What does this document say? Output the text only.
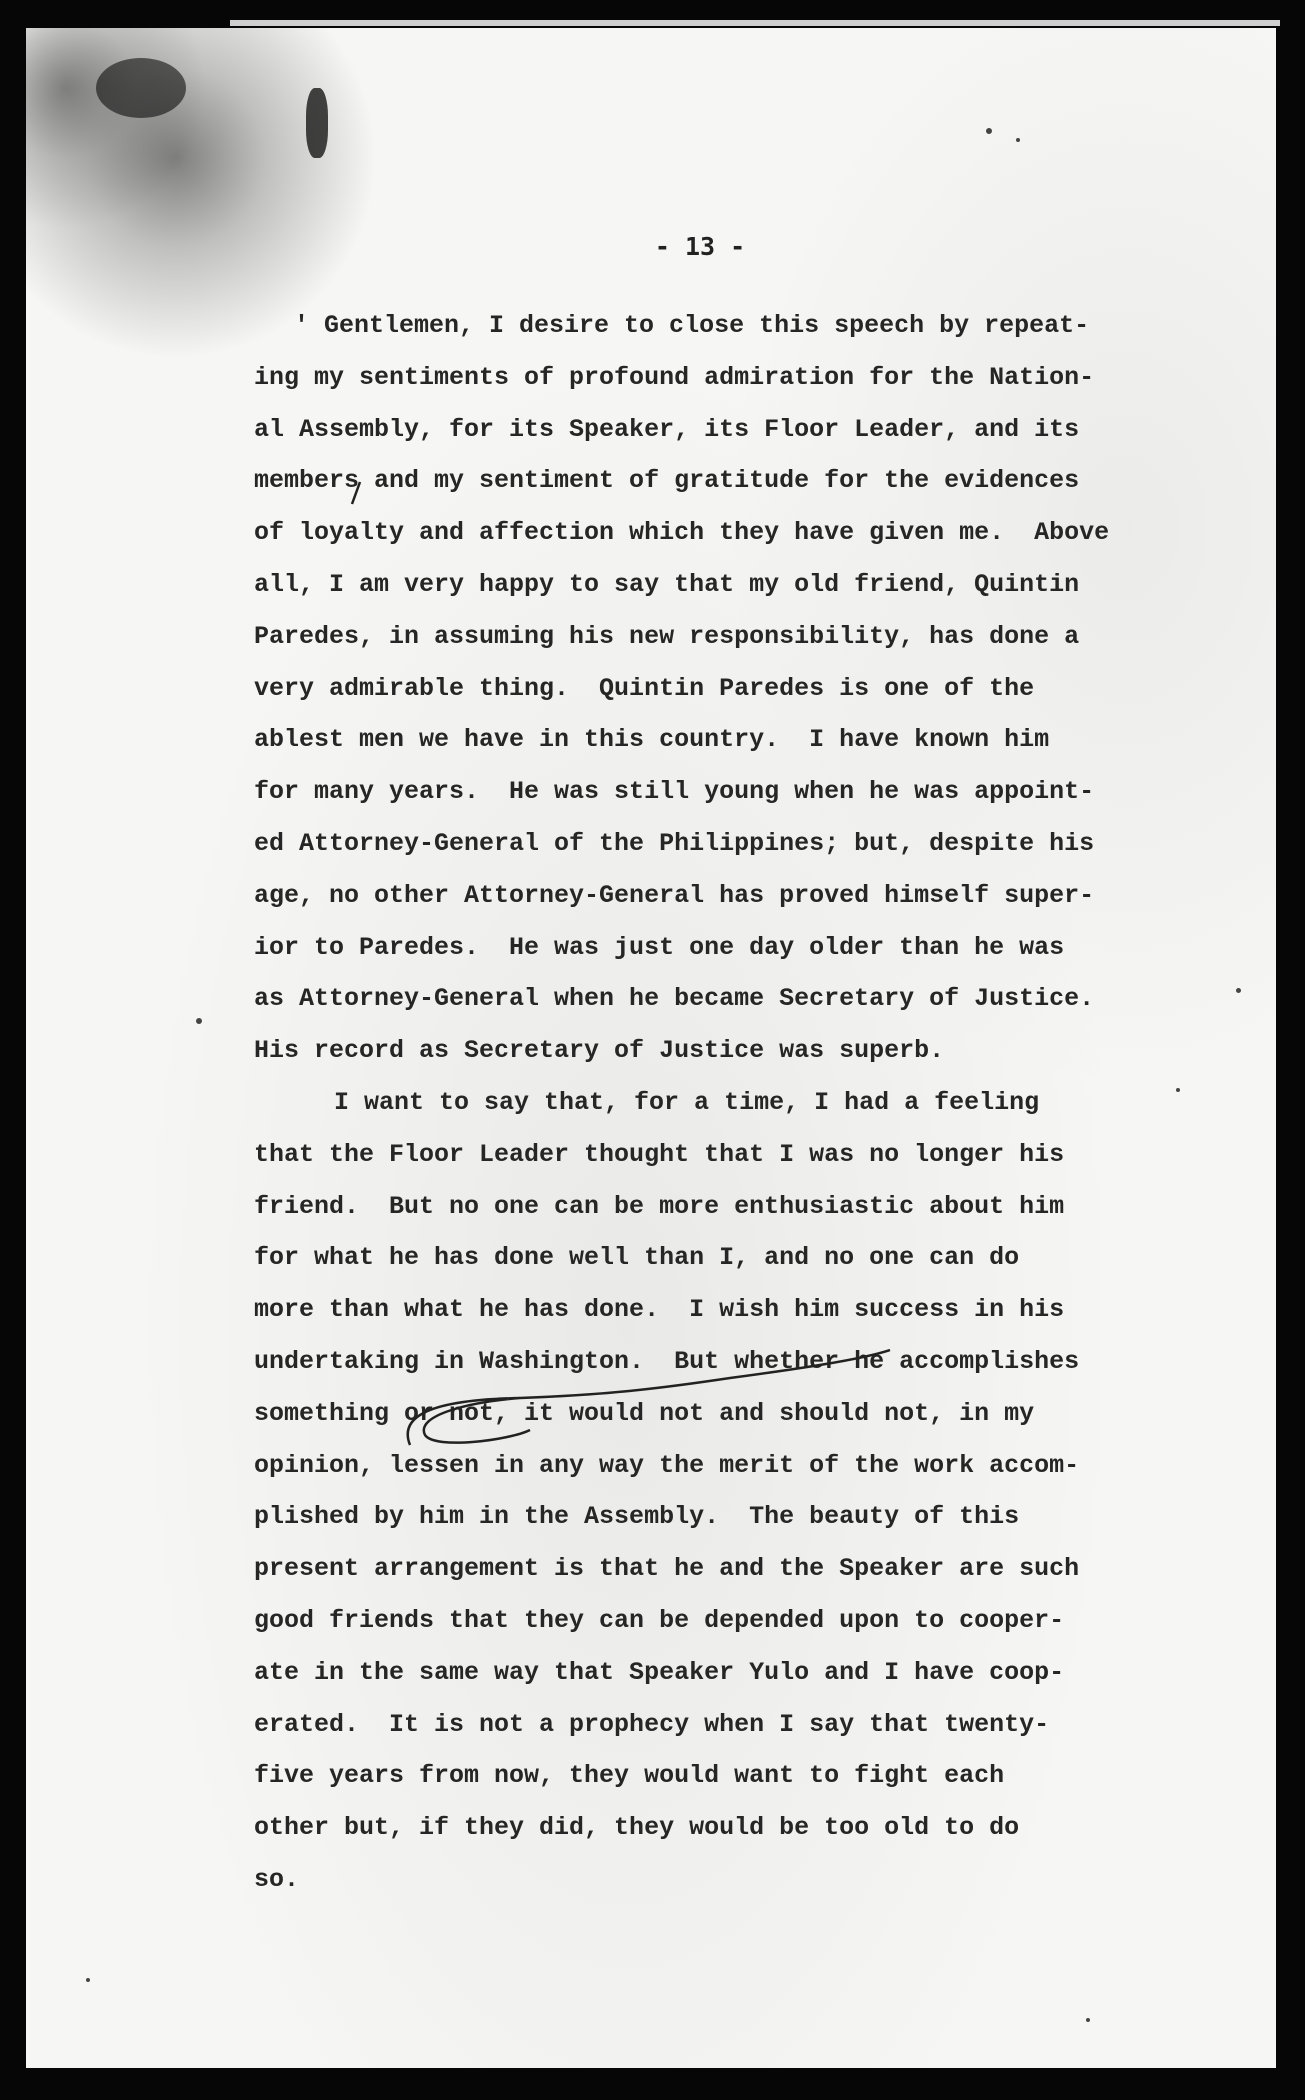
- 13 -
' Gentlemen, I desire to close this speech by repeat-
ing my sentiments of profound admiration for the Nation-
al Assembly, for its Speaker, its Floor Leader, and its
members and my sentiment of gratitude for the evidences
of loyalty and affection which they have given me.  Above
all, I am very happy to say that my old friend, Quintin
Paredes, in assuming his new responsibility, has done a
very admirable thing.  Quintin Paredes is one of the
ablest men we have in this country.  I have known him
for many years.  He was still young when he was appoint-
ed Attorney-General of the Philippines; but, despite his
age, no other Attorney-General has proved himself super-
ior to Paredes.  He was just one day older than he was
as Attorney-General when he became Secretary of Justice.
His record as Secretary of Justice was superb.
I want to say that, for a time, I had a feeling
that the Floor Leader thought that I was no longer his
friend.  But no one can be more enthusiastic about him
for what he has done well than I, and no one can do
more than what he has done.  I wish him success in his
undertaking in Washington.  But whether he accomplishes
something or not, it would not and should not, in my
opinion, lessen in any way the merit of the work accom-
plished by him in the Assembly.  The beauty of this
present arrangement is that he and the Speaker are such
good friends that they can be depended upon to cooper-
ate in the same way that Speaker Yulo and I have coop-
erated.  It is not a prophecy when I say that twenty-
five years from now, they would want to fight each
other but, if they did, they would be too old to do
so.
